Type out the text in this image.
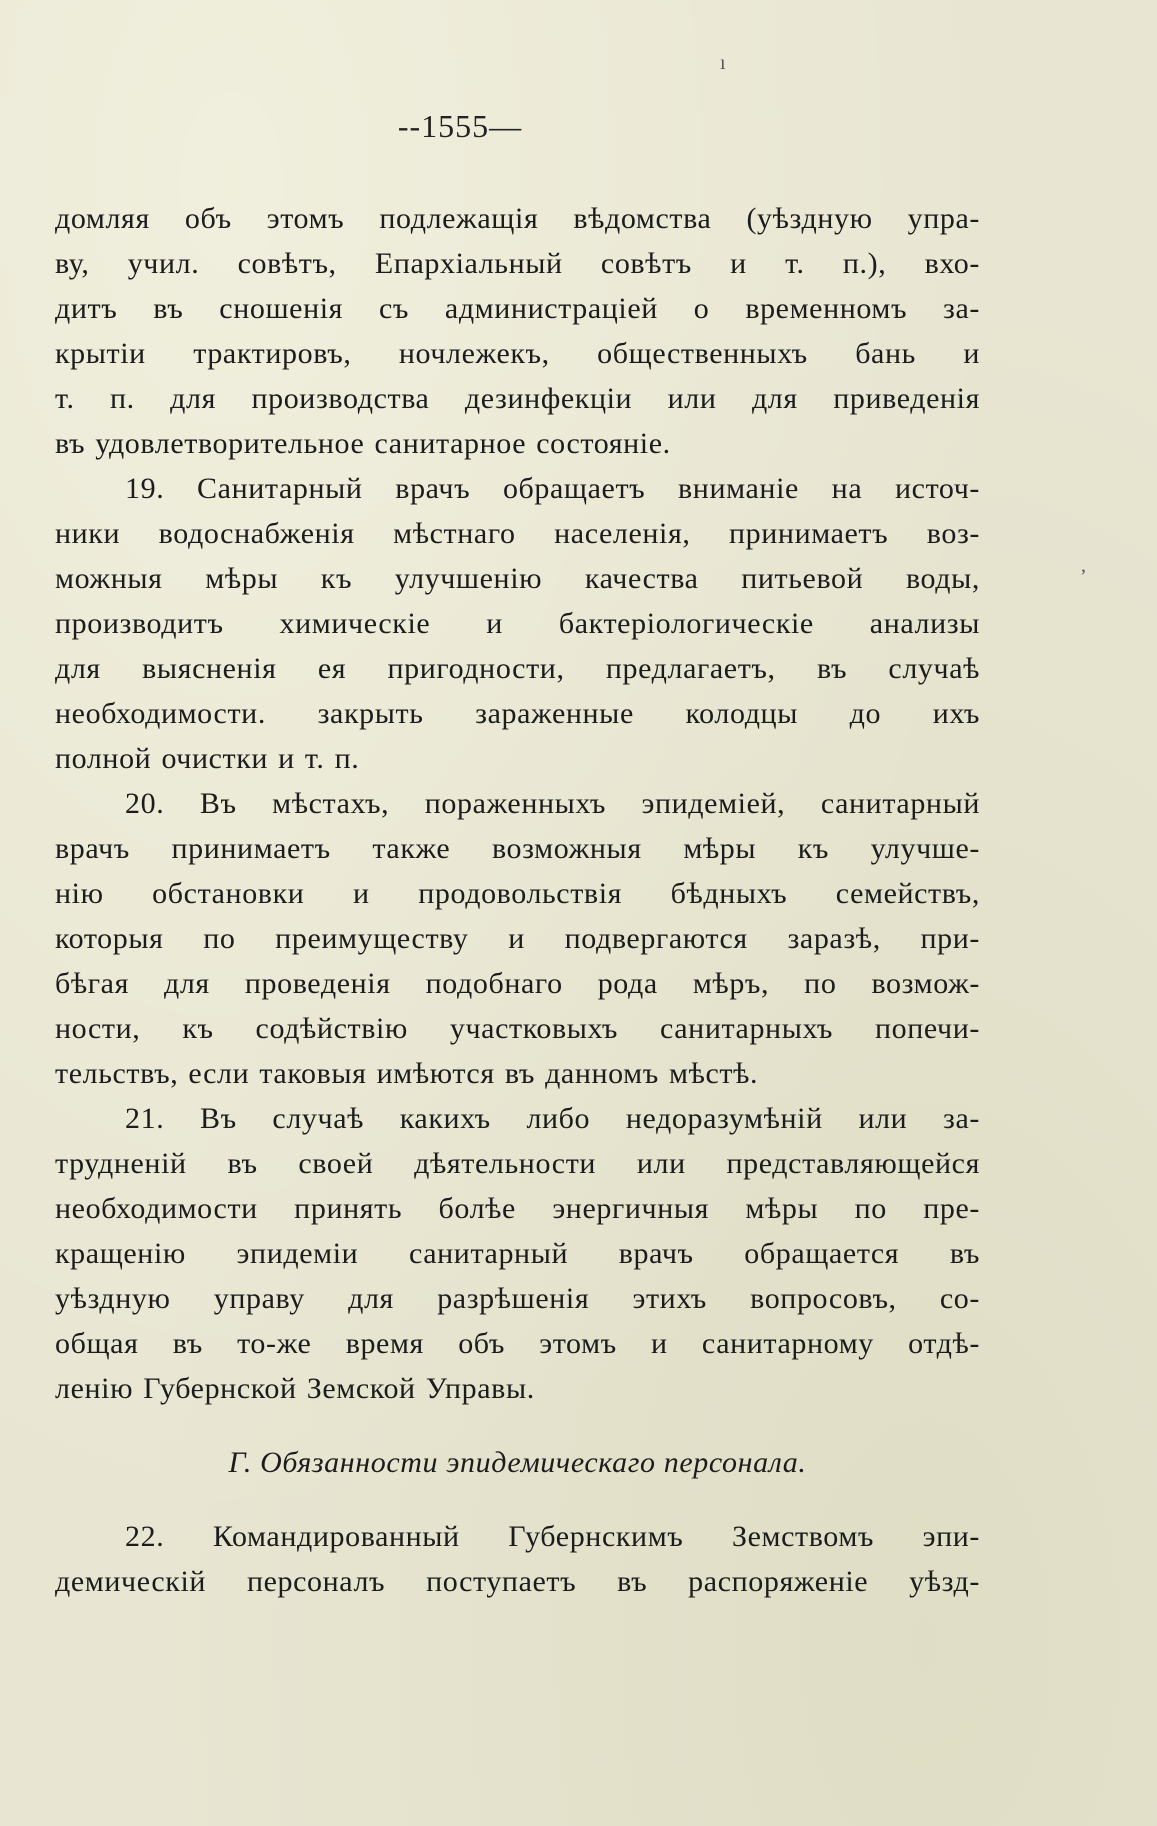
--1555—
домляя объ этомъ подлежащія вѣдомства (уѣздную упра-
ву, учил. совѣтъ, Епархіальный совѣтъ и т. п.), вхо-
дитъ въ сношенія съ администраціей о временномъ за-
крытіи трактировъ, ночлежекъ, общественныхъ бань и
т. п. для производства дезинфекціи или для приведенія
въ удовлетворительное санитарное состояніе.
19. Санитарный врачъ обращаетъ вниманіе на источ-
ники водоснабженія мѣстнаго населенія, принимаетъ воз-
можныя мѣры къ улучшенію качества питьевой воды,
производитъ химическіе и бактеріологическіе анализы
для выясненія ея пригодности, предлагаетъ, въ случаѣ
необходимости. закрыть зараженные колодцы до ихъ
полной очистки и т. п.
20. Въ мѣстахъ, пораженныхъ эпидеміей, санитарный
врачъ принимаетъ также возможныя мѣры къ улучше-
нію обстановки и продовольствія бѣдныхъ семействъ,
которыя по преимуществу и подвергаются заразѣ, при-
бѣгая для проведенія подобнаго рода мѣръ, по возмож-
ности, къ содѣйствію участковыхъ санитарныхъ попечи-
тельствъ, если таковыя имѣются въ данномъ мѣстѣ.
21. Въ случаѣ какихъ либо недоразумѣній или за-
трудненій въ своей дѣятельности или представляющейся
необходимости принять болѣе энергичныя мѣры по пре-
кращенію эпидеміи санитарный врачъ обращается въ
уѣздную управу для разрѣшенія этихъ вопросовъ, со-
общая въ то-же время объ этомъ и санитарному отдѣ-
ленію Губернской Земской Управы.
Г. Обязанности эпидемическаго персонала.
22. Командированный Губернскимъ Земствомъ эпи-
демическій персоналъ поступаетъ въ распоряженіе уѣзд-
ı
ʼ
